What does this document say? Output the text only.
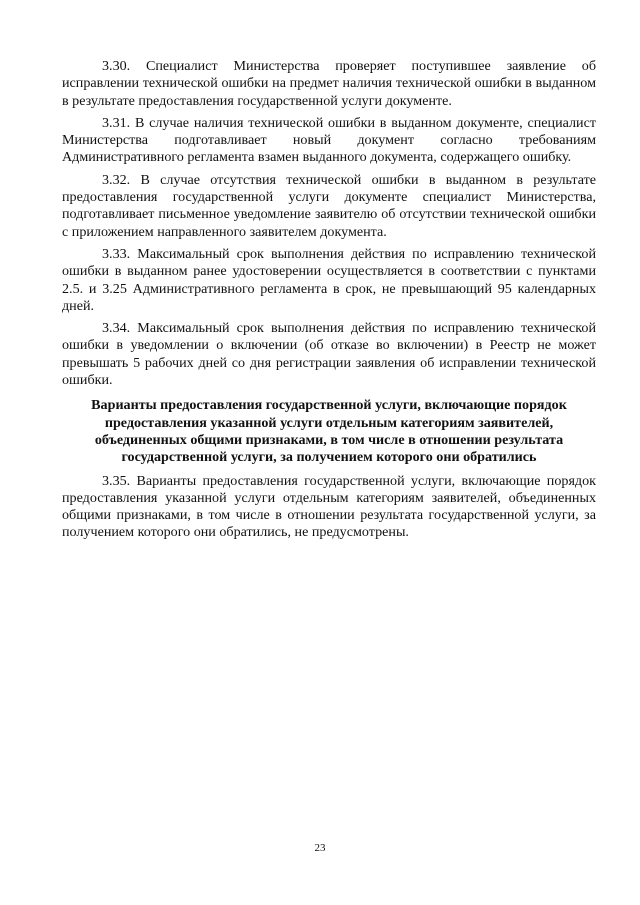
3.30. Специалист Министерства проверяет поступившее заявление об исправлении технической ошибки на предмет наличия технической ошибки в выданном в результате предоставления государственной услуги документе.

3.31. В случае наличия технической ошибки в выданном документе, специалист Министерства подготавливает новый документ согласно требованиям Административного регламента взамен выданного документа, содержащего ошибку.

3.32. В случае отсутствия технической ошибки в выданном в результате предоставления государственной услуги документе специалист Министерства, подготавливает письменное уведомление заявителю об отсутствии технической ошибки с приложением направленного заявителем документа.

3.33. Максимальный срок выполнения действия по исправлению технической ошибки в выданном ранее удостоверении осуществляется в соответствии с пунктами 2.5. и 3.25 Административного регламента в срок, не превышающий 95 календарных дней.

3.34. Максимальный срок выполнения действия по исправлению технической ошибки в уведомлении о включении (об отказе во включении) в Реестр не может превышать 5 рабочих дней со дня регистрации заявления об исправлении технической ошибки.

Варианты предоставления государственной услуги, включающие порядок предоставления указанной услуги отдельным категориям заявителей, объединенных общими признаками, в том числе в отношении результата государственной услуги, за получением которого они обратились

3.35. Варианты предоставления государственной услуги, включающие порядок предоставления указанной услуги отдельным категориям заявителей, объединенных общими признаками, в том числе в отношении результата государственной услуги, за получением которого они обратились, не предусмотрены.

23
